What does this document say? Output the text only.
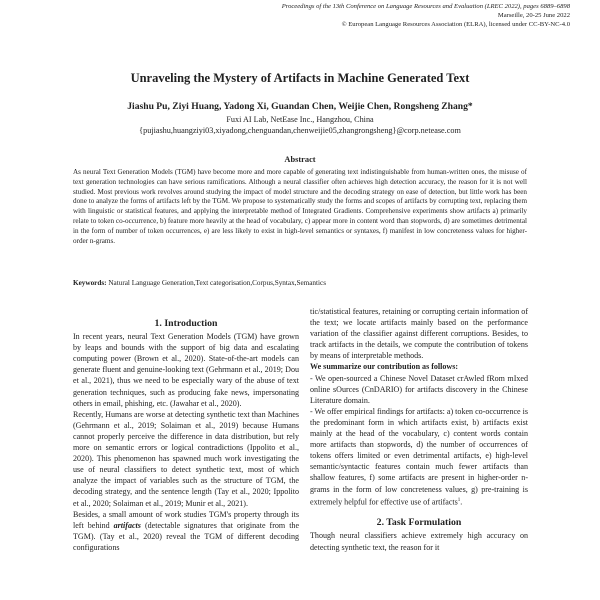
Proceedings of the 13th Conference on Language Resources and Evaluation (LREC 2022), pages 6889–6898
Marseille, 20-25 June 2022
© European Language Resources Association (ELRA), licensed under CC-BY-NC-4.0
Unraveling the Mystery of Artifacts in Machine Generated Text
Jiashu Pu, Ziyi Huang, Yadong Xi, Guandan Chen, Weijie Chen, Rongsheng Zhang*
Fuxi AI Lab, NetEase Inc., Hangzhou, China
{pujiashu,huangziyi03,xiyadong,chenguandan,chenweijie05,zhangrongsheng}@corp.netease.com
Abstract
As neural Text Generation Models (TGM) have become more and more capable of generating text indistinguishable from human-written ones, the misuse of text generation technologies can have serious ramifications. Although a neural classifier often achieves high detection accuracy, the reason for it is not well studied. Most previous work revolves around studying the impact of model structure and the decoding strategy on ease of detection, but little work has been done to analyze the forms of artifacts left by the TGM. We propose to systematically study the forms and scopes of artifacts by corrupting text, replacing them with linguistic or statistical features, and applying the interpretable method of Integrated Gradients. Comprehensive experiments show artifacts a) primarily relate to token co-occurrence, b) feature more heavily at the head of vocabulary, c) appear more in content word than stopwords, d) are sometimes detrimental in the form of number of token occurrences, e) are less likely to exist in high-level semantics or syntaxes, f) manifest in low concreteness values for higher-order n-grams.
Keywords: Natural Language Generation,Text categorisation,Corpus,Syntax,Semantics
1. Introduction

In recent years, neural Text Generation Models (TGM) have grown by leaps and bounds with the support of big data and escalating computing power (Brown et al., 2020). State-of-the-art models can generate fluent and genuine-looking text (Gehrmann et al., 2019; Dou et al., 2021), thus we need to be especially wary of the abuse of text generation techniques, such as producing fake news, impersonating others in email, phishing, etc. (Jawahar et al., 2020).

Recently, Humans are worse at detecting synthetic text than Machines (Gehrmann et al., 2019; Solaiman et al., 2019) because Humans cannot properly perceive the difference in data distribution, but rely more on semantic errors or logical contradictions (Ippolito et al., 2020). This phenomenon has spawned much work investigating the use of neural classifiers to detect synthetic text, most of which analyze the impact of variables such as the structure of TGM, the decoding strategy, and the sentence length (Tay et al., 2020; Ippolito et al., 2020; Solaiman et al., 2019; Munir et al., 2021).

Besides, a small amount of work studies TGM's property through its left behind artifacts (detectable signatures that originate from the TGM). (Tay et al., 2020) reveal the TGM of different decoding configurations

tic/statistical features, retaining or corrupting certain information of the text; we locate artifacts mainly based on the performance variation of the classifier against different corruptions. Besides, to track artifacts in the details, we compute the contribution of tokens by means of interpretable methods.

We summarize our contribution as follows:

- We open-sourced a Chinese Novel Dataset crAwled fRom mIxed online sOurces (CnDARIO) for artifacts discovery in the Chinese Literature domain.

- We offer empirical findings for artifacts: a) token co-occurrence is the predominant form in which artifacts exist, b) artifacts exist mainly at the head of the vocabulary, c) content words contain more artifacts than stopwords, d) the number of occurrences of tokens offers limited or even detrimental artifacts, e) high-level semantic/syntactic features contain much fewer artifacts than shallow features, f) some artifacts are present in higher-order n-grams in the form of low concreteness values, g) pre-training is extremely helpful for effective use of artifacts$^1$.

2. Task Formulation

Though neural classifiers achieve extremely high accuracy on detecting synthetic text, the reason for it
